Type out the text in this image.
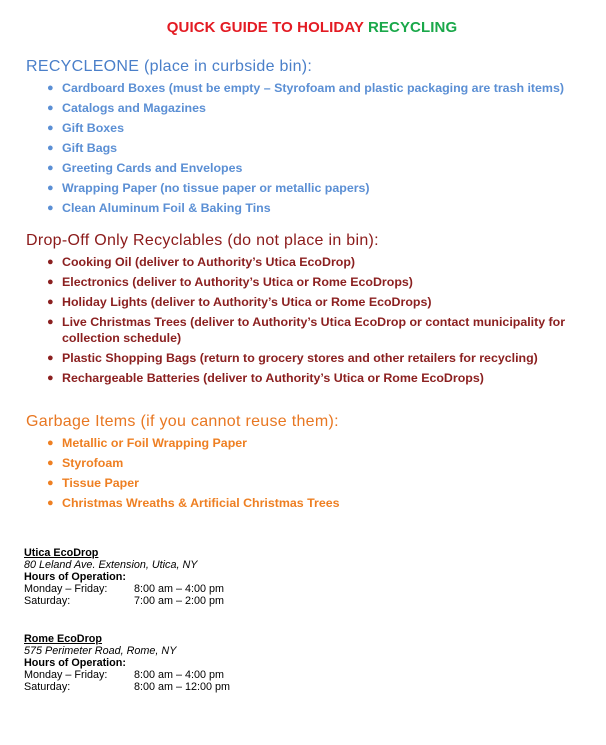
QUICK GUIDE TO HOLIDAY RECYCLING
RECYCLEONE (place in curbside bin):
● Cardboard Boxes (must be empty – Styrofoam and plastic packaging are trash items)
● Catalogs and Magazines
● Gift Boxes
● Gift Bags
● Greeting Cards and Envelopes
● Wrapping Paper (no tissue paper or metallic papers)
● Clean Aluminum Foil & Baking Tins
Drop-Off Only Recyclables (do not place in bin):
● Cooking Oil (deliver to Authority’s Utica EcoDrop)
● Electronics (deliver to Authority’s Utica or Rome EcoDrops)
● Holiday Lights (deliver to Authority’s Utica or Rome EcoDrops)
● Live Christmas Trees (deliver to Authority’s Utica EcoDrop or contact municipality for collection schedule)
● Plastic Shopping Bags (return to grocery stores and other retailers for recycling)
● Rechargeable Batteries (deliver to Authority’s Utica or Rome EcoDrops)
Garbage Items (if you cannot reuse them):
● Metallic or Foil Wrapping Paper
● Styrofoam
● Tissue Paper
● Christmas Wreaths & Artificial Christmas Trees
Utica EcoDrop
80 Leland Ave. Extension, Utica, NY
Hours of Operation:
Monday – Friday:	8:00 am – 4:00 pm
Saturday:	7:00 am – 2:00 pm
Rome EcoDrop
575 Perimeter Road, Rome, NY
Hours of Operation:
Monday – Friday:	8:00 am – 4:00 pm
Saturday:	8:00 am – 12:00 pm
